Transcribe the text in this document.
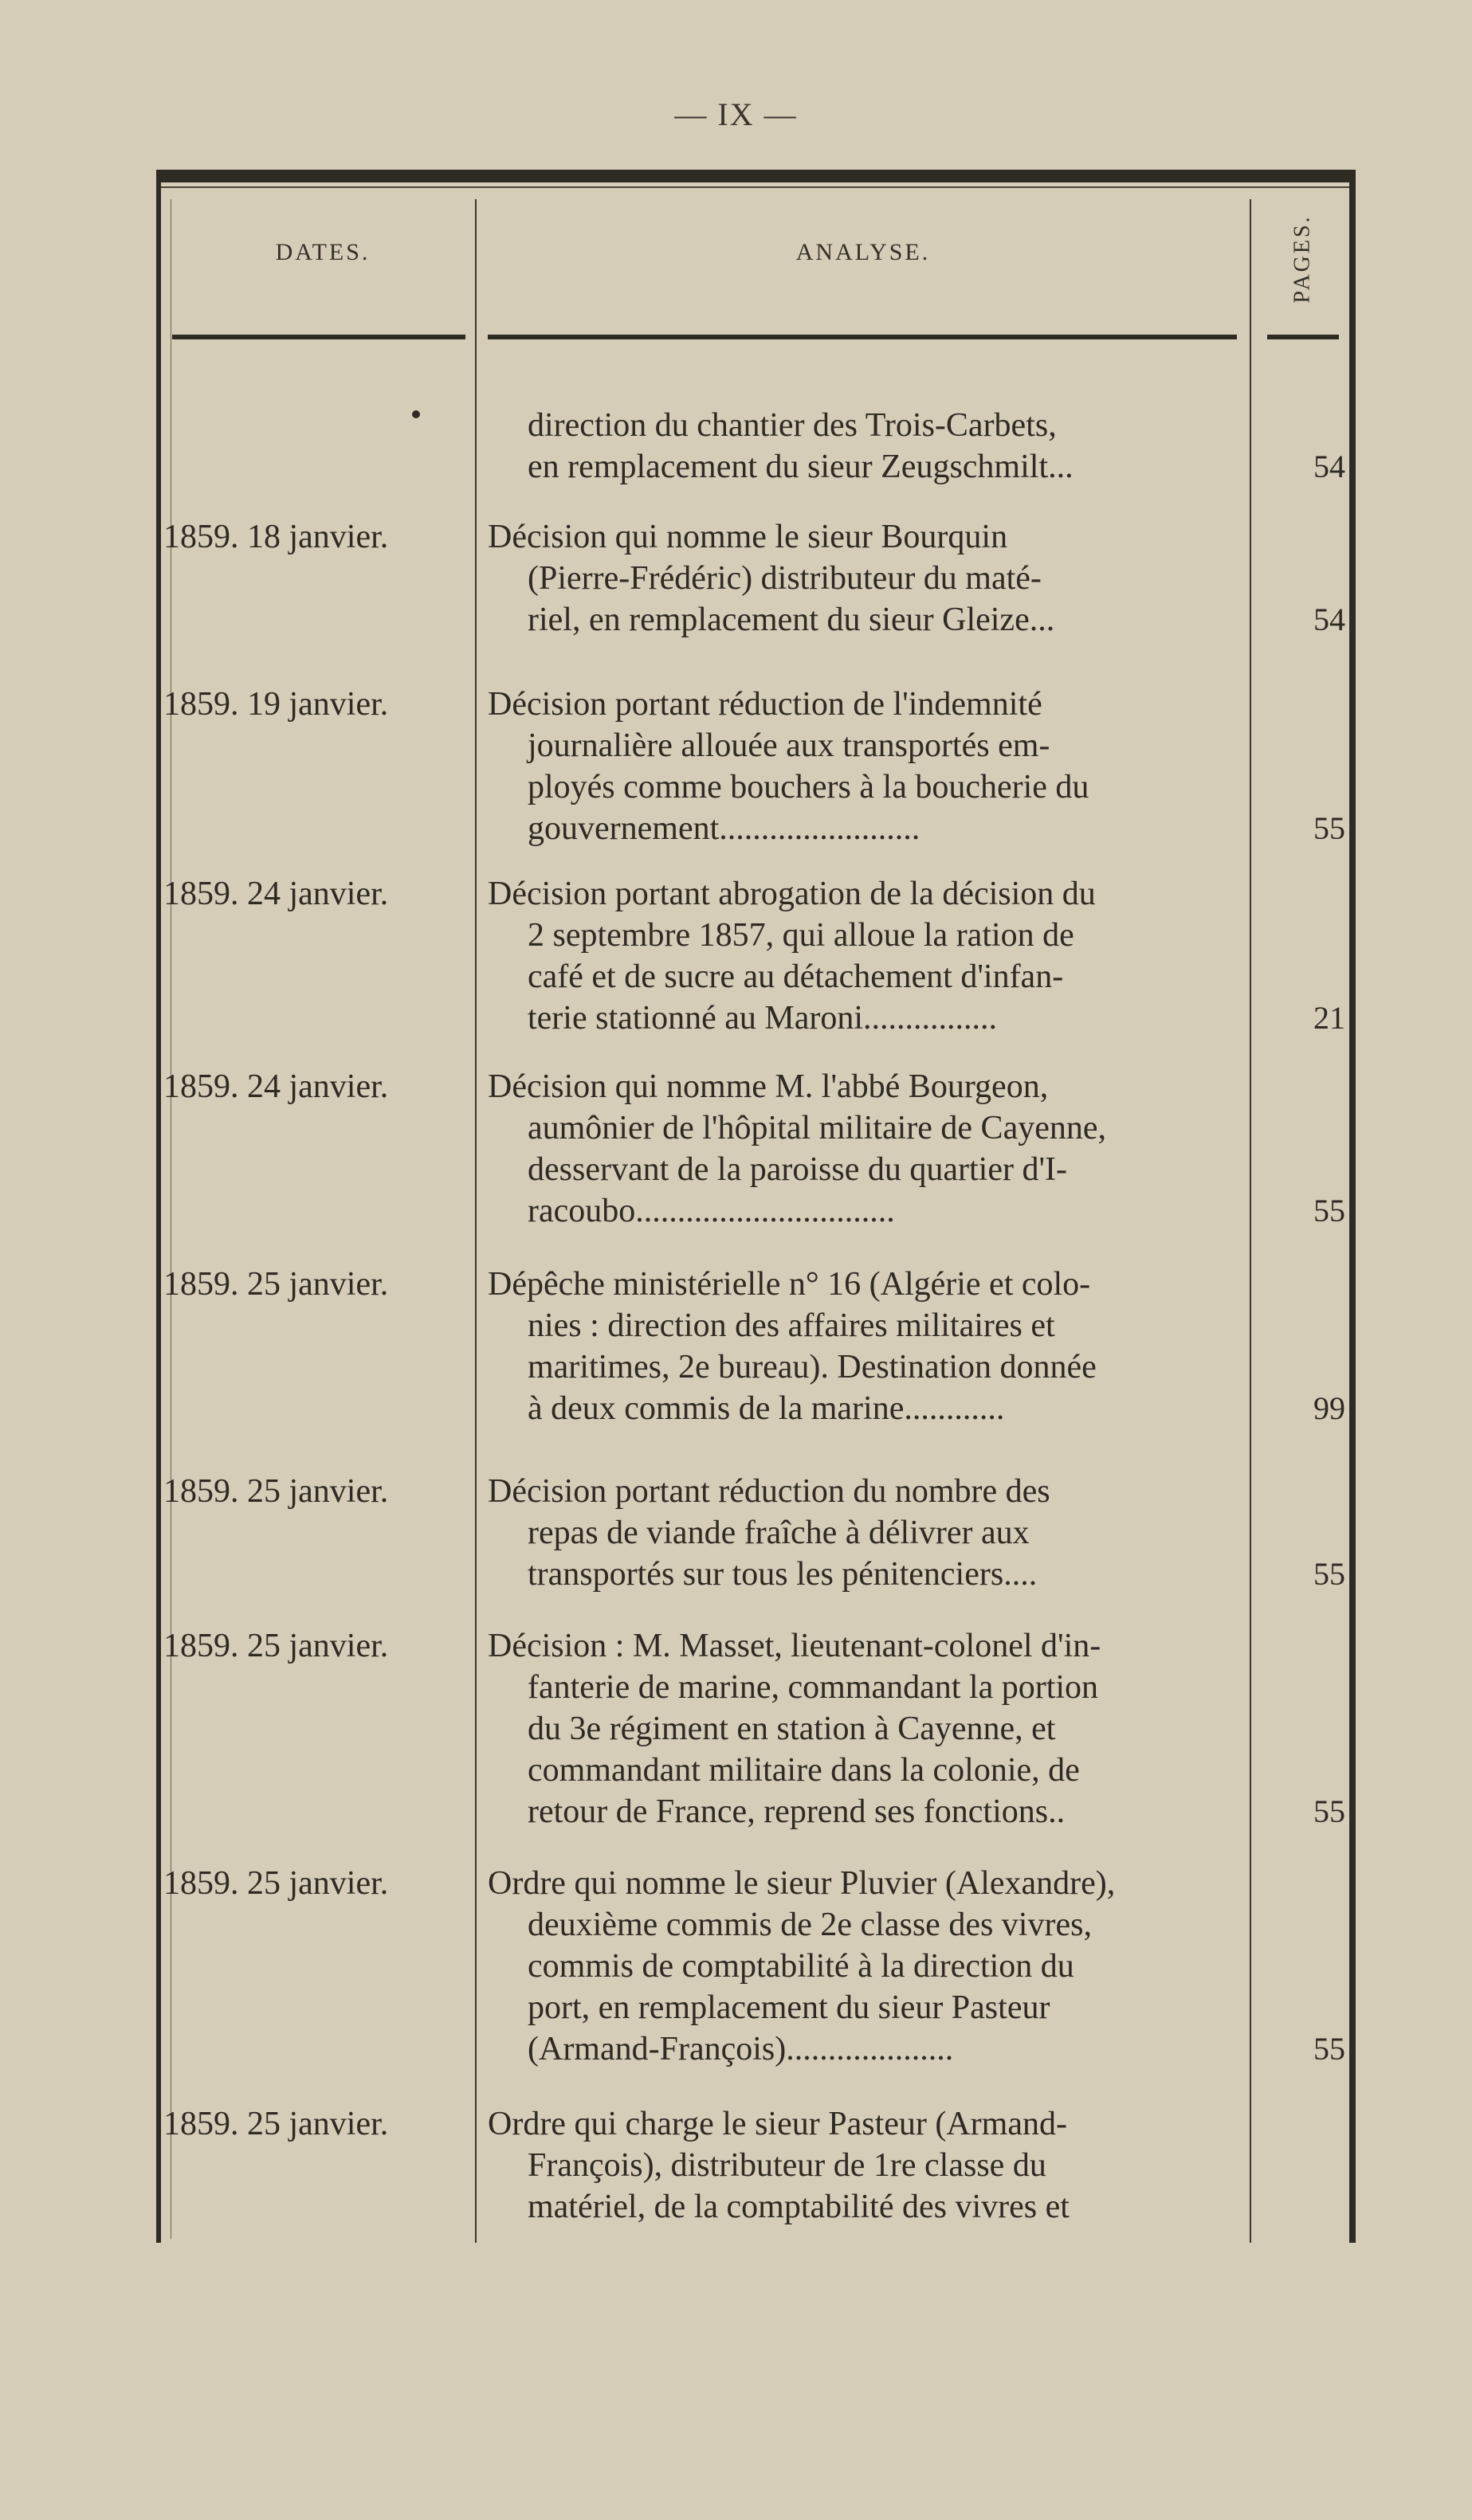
— IX —
DATES.	ANALYSE.	PAGES.
direction du chantier des Trois-Carbets,
en remplacement du sieur Zeugschmilt...	54
1859. 18 janvier.	Décision qui nomme le sieur Bourquin
(Pierre-Frédéric) distributeur du maté-
riel, en remplacement du sieur Gleize...	54
1859. 19 janvier.	Décision portant réduction de l'indemnité
journalière allouée aux transportés em-
ployés comme bouchers à la boucherie du
gouvernement........................	55
1859. 24 janvier.	Décision portant abrogation de la décision du
2 septembre 1857, qui alloue la ration de
café et de sucre au détachement d'infan-
terie stationné au Maroni................	21
1859. 24 janvier.	Décision qui nomme M. l'abbé Bourgeon,
aumônier de l'hôpital militaire de Cayenne,
desservant de la paroisse du quartier d'I-
racoubo...............................	55
1859. 25 janvier.	Dépêche ministérielle n° 16 (Algérie et colo-
nies : direction des affaires militaires et
maritimes, 2e bureau). Destination donnée
à deux commis de la marine............	99
1859. 25 janvier.	Décision portant réduction du nombre des
repas de viande fraîche à délivrer aux
transportés sur tous les pénitenciers....	55
1859. 25 janvier.	Décision : M. Masset, lieutenant-colonel d'in-
fanterie de marine, commandant la portion
du 3e régiment en station à Cayenne, et
commandant militaire dans la colonie, de
retour de France, reprend ses fonctions..	55
1859. 25 janvier.	Ordre qui nomme le sieur Pluvier (Alexandre),
deuxième commis de 2e classe des vivres,
commis de comptabilité à la direction du
port, en remplacement du sieur Pasteur
(Armand-François)....................	55
1859. 25 janvier.	Ordre qui charge le sieur Pasteur (Armand-
François), distributeur de 1re classe du
matériel, de la comptabilité des vivres et
